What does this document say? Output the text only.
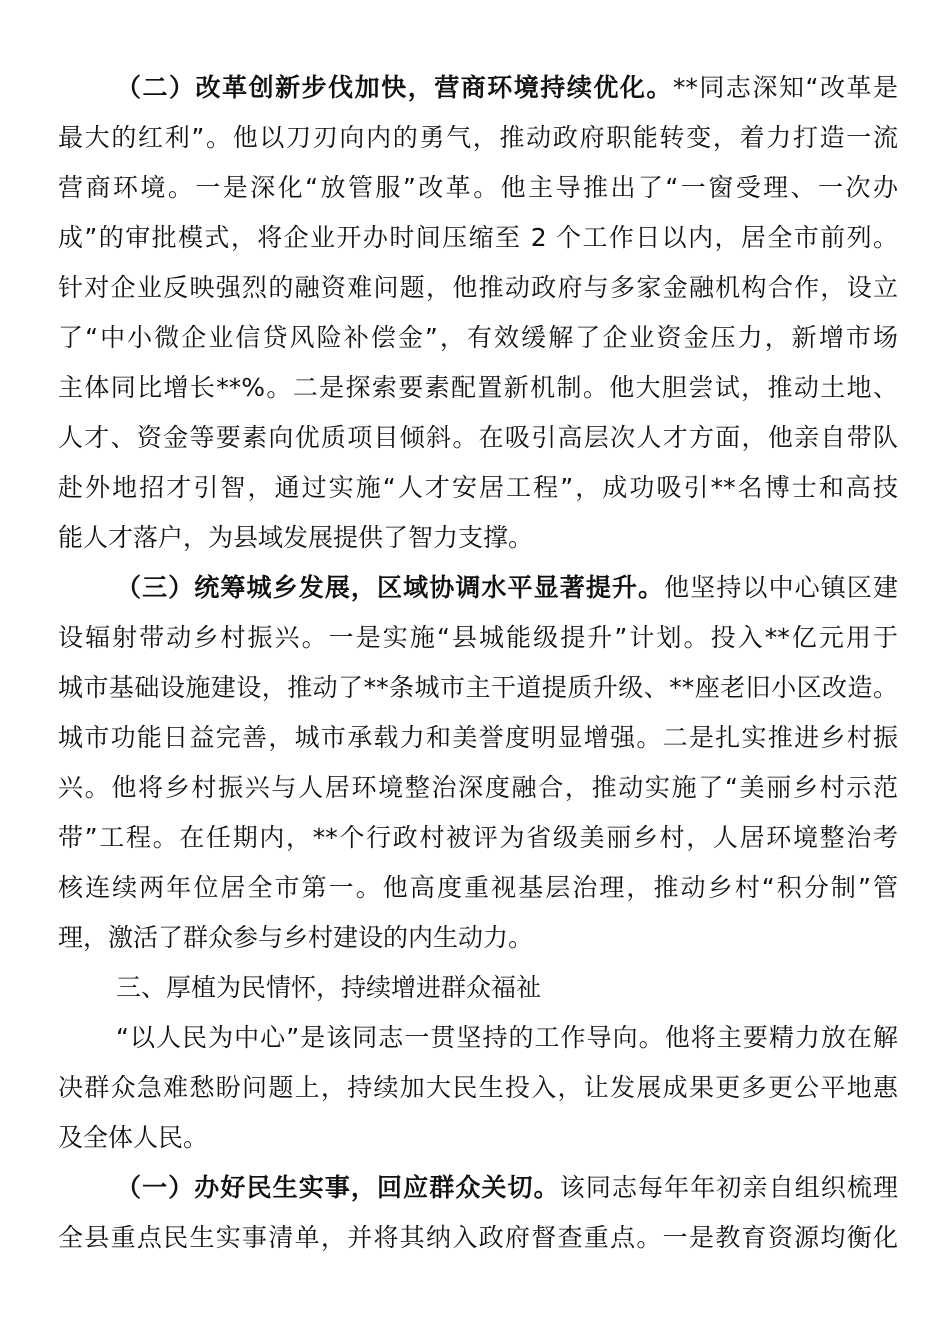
（二）改革创新步伐加快，营商环境持续优化。**同志深知“改革是
最大的红利”。他以刀刃向内的勇气，推动政府职能转变，着力打造一流
营商环境。一是深化“放管服”改革。他主导推出了“一窗受理、一次办
成”的审批模式，将企业开办时间压缩至 2 个工作日以内，居全市前列。
针对企业反映强烈的融资难问题，他推动政府与多家金融机构合作，设立
了“中小微企业信贷风险补偿金”，有效缓解了企业资金压力，新增市场
主体同比增长**%。二是探索要素配置新机制。他大胆尝试，推动土地、
人才、资金等要素向优质项目倾斜。在吸引高层次人才方面，他亲自带队
赴外地招才引智，通过实施“人才安居工程”，成功吸引**名博士和高技
能人才落户，为县域发展提供了智力支撑。
（三）统筹城乡发展，区域协调水平显著提升。他坚持以中心镇区建
设辐射带动乡村振兴。一是实施“县城能级提升”计划。投入**亿元用于
城市基础设施建设，推动了**条城市主干道提质升级、**座老旧小区改造。
城市功能日益完善，城市承载力和美誉度明显增强。二是扎实推进乡村振
兴。他将乡村振兴与人居环境整治深度融合，推动实施了“美丽乡村示范
带”工程。在任期内，**个行政村被评为省级美丽乡村，人居环境整治考
核连续两年位居全市第一。他高度重视基层治理，推动乡村“积分制”管
理，激活了群众参与乡村建设的内生动力。
三、厚植为民情怀，持续增进群众福祉
“以人民为中心”是该同志一贯坚持的工作导向。他将主要精力放在解
决群众急难愁盼问题上，持续加大民生投入，让发展成果更多更公平地惠
及全体人民。
（一）办好民生实事，回应群众关切。该同志每年年初亲自组织梳理
全县重点民生实事清单，并将其纳入政府督查重点。一是教育资源均衡化
